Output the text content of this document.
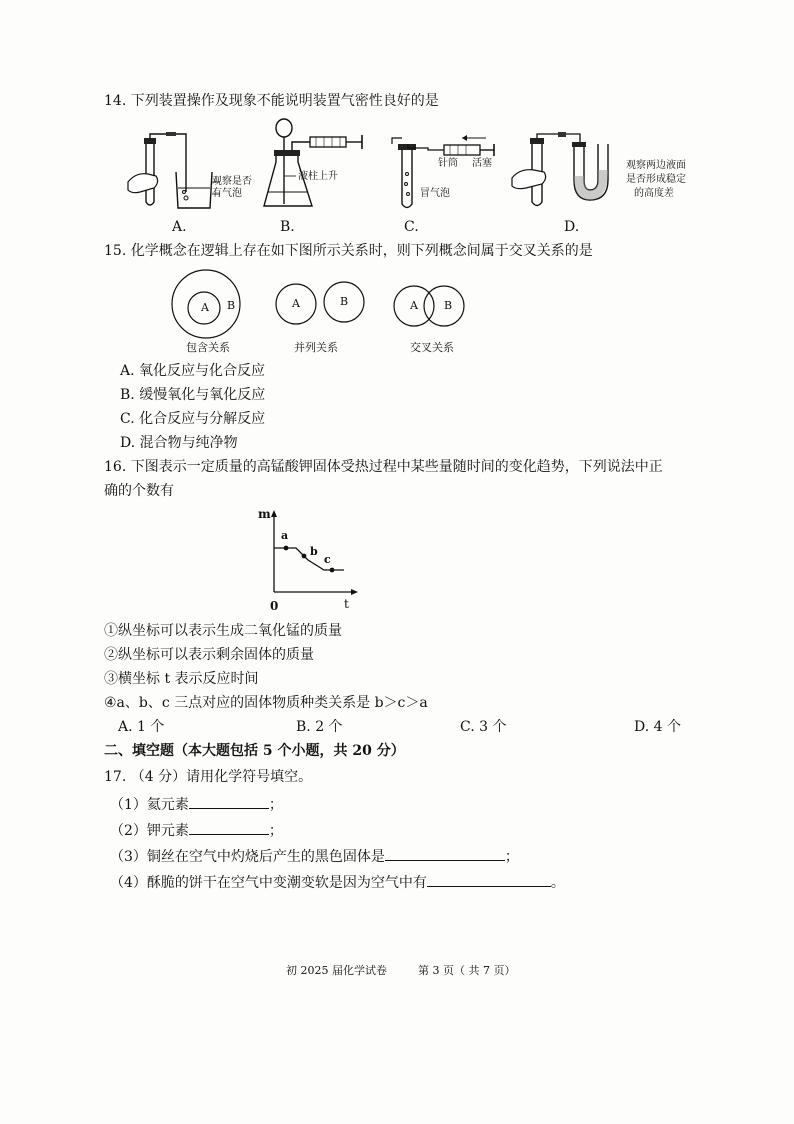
14. 下列装置操作及现象不能说明装置气密性良好的是
观察是否
有气泡
液柱上升
针筒 活塞
冒气泡
观察两边液面
是否形成稳定
的高度差
A.	B.	C.	D.
15. 化学概念在逻辑上存在如下图所示关系时，则下列概念间属于交叉关系的是
A B	A	B	A B
包含关系	并列关系	交叉关系
A. 氧化反应与化合反应
B. 缓慢氧化与氧化反应
C. 化合反应与分解反应
D. 混合物与纯净物
16. 下图表示一定质量的高锰酸钾固体受热过程中某些量随时间的变化趋势，下列说法中正
确的个数有
m
t
0
a
b
c
①纵坐标可以表示生成二氧化锰的质量
②纵坐标可以表示剩余固体的质量
③横坐标 t 表示反应时间
④a、b、c 三点对应的固体物质种类关系是 b＞c＞a
A. 1 个	B. 2 个	C. 3 个	D. 4 个
二、填空题（本大题包括 5 个小题，共 20 分）
17. （4 分）请用化学符号填空。
（1）氦元素	；
（2）钾元素	；
（3）铜丝在空气中灼烧后产生的黑色固体是	；
（4）酥脆的饼干在空气中变潮变软是因为空气中有	。
初 2025 届化学试卷	第 3 页（ 共 7 页）
